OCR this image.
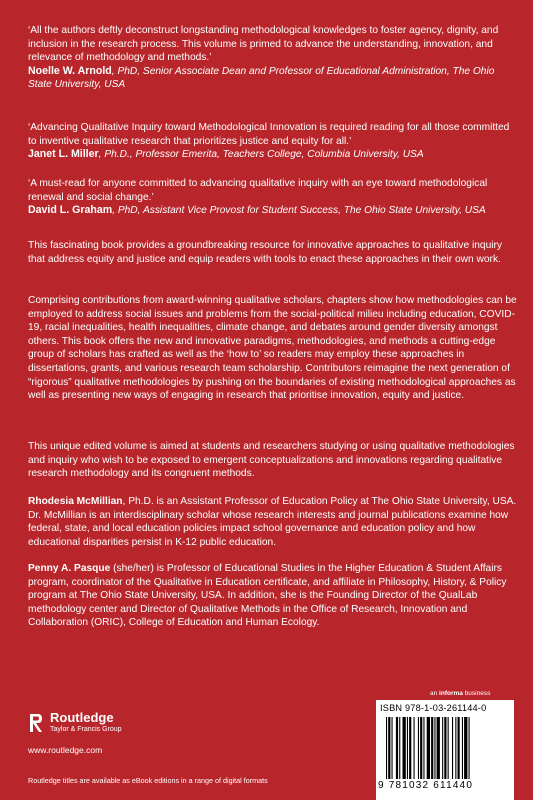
‘All the authors deftly deconstruct longstanding methodological knowledges to foster agency, dignity, and inclusion in the research process. This volume is primed to advance the understanding, innovation, and relevance of methodology and methods.’

Noelle W. Arnold, PhD, Senior Associate Dean and Professor of Educational Administration, The Ohio State University, USA

‘Advancing Qualitative Inquiry toward Methodological Innovation is required reading for all those committed to inventive qualitative research that prioritizes justice and equity for all.’

Janet L. Miller, Ph.D., Professor Emerita, Teachers College, Columbia University, USA

‘A must-read for anyone committed to advancing qualitative inquiry with an eye toward methodological renewal and social change.’

David L. Graham, PhD, Assistant Vice Provost for Student Success, The Ohio State University, USA

This fascinating book provides a groundbreaking resource for innovative approaches to qualitative inquiry that address equity and justice and equip readers with tools to enact these approaches in their own work.

Comprising contributions from award-winning qualitative scholars, chapters show how methodologies can be employed to address social issues and problems from the social-political milieu including education, COVID-19, racial inequalities, health inequalities, climate change, and debates around gender diversity amongst others. This book offers the new and innovative paradigms, methodologies, and methods a cutting-edge group of scholars has crafted as well as the ‘how to’ so readers may employ these approaches in dissertations, grants, and various research team scholarship. Contributors reimagine the next generation of “rigorous” qualitative methodologies by pushing on the boundaries of existing methodological approaches as well as presenting new ways of engaging in research that prioritise innovation, equity and justice.

This unique edited volume is aimed at students and researchers studying or using qualitative methodologies and inquiry who wish to be exposed to emergent conceptualizations and innovations regarding qualitative research methodology and its congruent methods.

Rhodesia McMillian, Ph.D. is an Assistant Professor of Education Policy at The Ohio State University, USA. Dr. McMillian is an interdisciplinary scholar whose research interests and journal publications examine how federal, state, and local education policies impact school governance and education policy and how educational disparities persist in K-12 public education.

Penny A. Pasque (she/her) is Professor of Educational Studies in the Higher Education & Student Affairs program, coordinator of the Qualitative in Education certificate, and affiliate in Philosophy, History, & Policy program at The Ohio State University, USA. In addition, she is the Founding Director of the QualLab methodology center and Director of Qualitative Methods in the Office of Research, Innovation and Collaboration (ORIC), College of Education and Human Ecology.

Routledge
Taylor & Francis Group
www.routledge.com
Routledge titles are available as eBook editions in a range of digital formats
an informa business
ISBN 978-1-03-261144-0
9 781032 611440
